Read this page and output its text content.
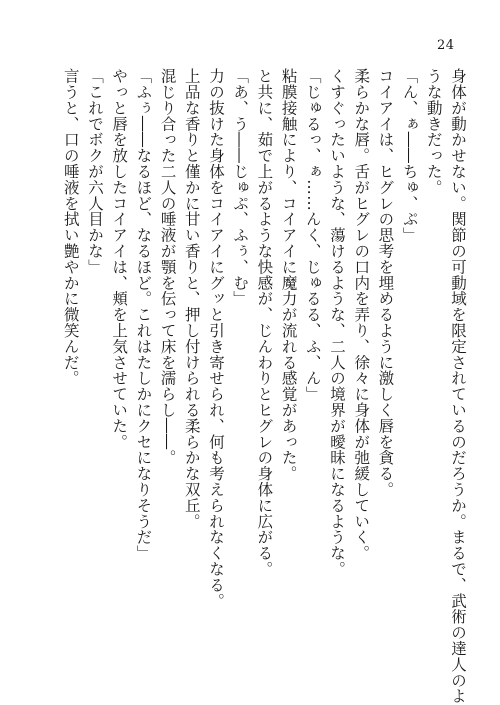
24
身体が動かせない。関節の可動域を限定されているのだろうか。まるで、武術の達人のよ
うな動きだった。
「ん、ぁ――ちゅ、ぷ」
コイアイは、ヒグレの思考を埋めるように激しく唇を貪る。
柔らかな唇。舌がヒグレの口内を弄り、徐々に身体が弛緩していく。
くすぐったいような、蕩けるような、二人の境界が曖昧になるような。
「じゅるっ、ぁ……んく、じゅるる、ふ、ん」
粘膜接触により、コイアイに魔力が流れる感覚があった。
と共に、茹で上がるような快感が、じんわりとヒグレの身体に広がる。
「あ、う――じゅぷ、ふぅ、む」
力の抜けた身体をコイアイにグッと引き寄せられ、何も考えられなくなる。
上品な香りと僅かに甘い香りと、押し付けられる柔らかな双丘。
混じり合った二人の唾液が顎を伝って床を濡らし――。
「ふぅ――なるほど、なるほど。これはたしかにクセになりそうだ」
やっと唇を放したコイアイは、頬を上気させていた。
「これでボクが六人目かな」
言うと、口の唾液を拭い艶やかに微笑んだ。
